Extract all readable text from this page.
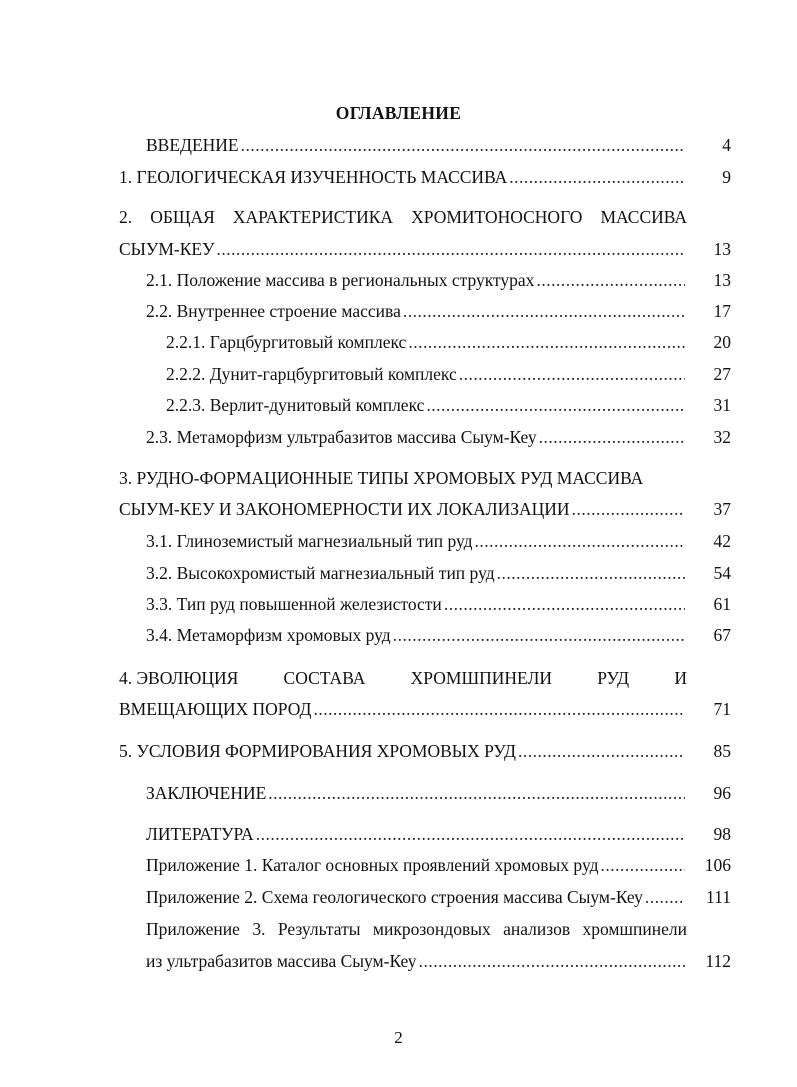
ОГЛАВЛЕНИЕ
ВВЕДЕНИЕ .....	4
1. ГЕОЛОГИЧЕСКАЯ ИЗУЧЕННОСТЬ МАССИВА .....	9
2. ОБЩАЯ ХАРАКТЕРИСТИКА ХРОМИТОНОСНОГО МАССИВА
СЫУМ-КЕУ .....	13
2.1. Положение массива в региональных структурах .....	13
2.2. Внутреннее строение массива .....	17
2.2.1. Гарцбургитовый комплекс .....	20
2.2.2. Дунит-гарцбургитовый комплекс .....	27
2.2.3. Верлит-дунитовый комплекс .....	31
2.3. Метаморфизм ультрабазитов массива Сыум-Кеу .....	32
3. РУДНО-ФОРМАЦИОННЫЕ ТИПЫ ХРОМОВЫХ РУД МАССИВА
СЫУМ-КЕУ И ЗАКОНОМЕРНОСТИ ИХ ЛОКАЛИЗАЦИИ .....	37
3.1. Глиноземистый магнезиальный тип руд .....	42
3.2. Высокохромистый магнезиальный тип руд .....	54
3.3. Тип руд повышенной железистости .....	61
3.4. Метаморфизм хромовых руд .....	67
4. ЭВОЛЮЦИЯ	СОСТАВА	ХРОМШПИНЕЛИ	РУД	И
ВМЕЩАЮЩИХ ПОРОД .....	71
5. УСЛОВИЯ ФОРМИРОВАНИЯ ХРОМОВЫХ РУД .....	85
ЗАКЛЮЧЕНИЕ .....	96
ЛИТЕРАТУРА .....	98
Приложение 1. Каталог основных проявлений хромовых руд .....	106
Приложение 2. Схема геологического строения массива Сыум-Кеу .....	111
Приложение 3. Результаты микрозондовых анализов хромшпинели
из ультрабазитов массива Сыум-Кеу .....	112
2
